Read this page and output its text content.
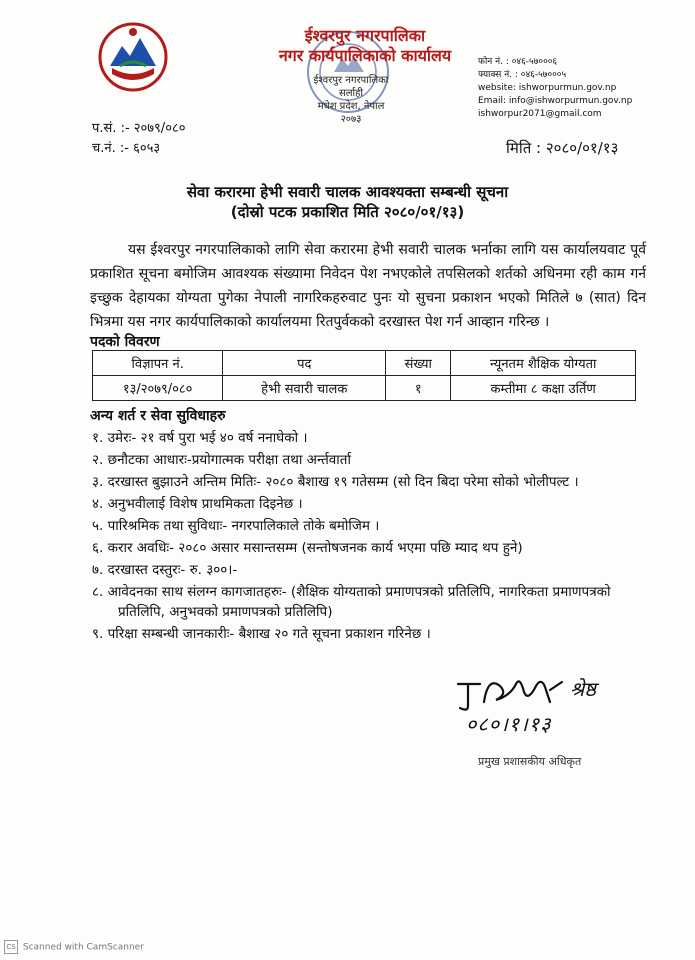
ईश्वरपुर नगरपालिका
नगर कार्यपालिकाको कार्यालय
ईश्वरपुर नगरपालिका
सर्लाही
मधेश प्रदेश, नेपाल
२०७३
फोन नं. : ०४६-५७०००६
फ्याक्स नं. : ०४६-५७०००५
website: ishworpurmun.gov.np
Email: info@ishworpurmun.gov.np
ishworpur2071@gmail.com
प.सं. :- २०७९/०८०
च.नं. :- ६०५३	मिति : २०८०/०१/१३
सेवा करारमा हेभी सवारी चालक आवश्यक्ता सम्बन्धी सूचना
(दोस्रो पटक प्रकाशित मिति २०८०/०१/१३)

यस ईश्वरपुर नगरपालिकाको लागि सेवा करारमा हेभी सवारी चालक भर्नाका लागि यस कार्यालयवाट पूर्व प्रकाशित सूचना बमोजिम आवश्यक संख्यामा निवेदन पेश नभएकोले तपसिलको शर्तको अधिनमा रही काम गर्न इच्छुक देहायका योग्यता पुगेका नेपाली नागरिकहरुवाट पुनः यो सुचना प्रकाशन भएको मितिले ७ (सात) दिन भित्रमा यस नगर कार्यपालिकाको कार्यालयमा रितपुर्वकको दरखास्त पेश गर्न आव्हान गरिन्छ ।

पदको विवरण
विज्ञापन नं.	पद	संख्या	न्यूनतम शैक्षिक योग्यता
१३/२०७९/०८०	हेभी सवारी चालक	१	कम्तीमा ८ कक्षा उर्तिण
अन्य शर्त र सेवा सुविधाहरु
१. उमेरः- २१ वर्ष पुरा भई ४० वर्ष ननाघेको ।
२. छनौटका आधारः-प्रयोगात्मक परीक्षा तथा अर्न्तवार्ता
३. दरखास्त बुझाउने अन्तिम मितिः- २०८० बैशाख १९ गतेसम्म (सो दिन बिदा परेमा सोको भोलीपल्ट ।
४. अनुभवीलाई विशेष प्राथमिकता दिइनेछ ।
५. पारिश्रमिक तथा सुविधाः- नगरपालिकाले तोके बमोजिम ।
६. करार अवधिः- २०८० असार मसान्तसम्म (सन्तोषजनक कार्य भएमा पछि म्याद थप हुने)
७. दरखास्त दस्तुरः- रु. ३००।-
८. आवेदनका साथ संलग्न कागजातहरुः- (शैक्षिक योग्यताको प्रमाणपत्रको प्रतिलिपि, नागरिकता प्रमाणपत्रको प्रतिलिपि, अनुभवको प्रमाणपत्रको प्रतिलिपि)
९. परिक्षा सम्बन्धी जानकारीः- बैशाख २० गते सूचना प्रकाशन गरिनेछ ।
श्रेष्ठ
०८०।१।१३
प्रमुख प्रशासकीय अधिकृत
CS Scanned with CamScanner
